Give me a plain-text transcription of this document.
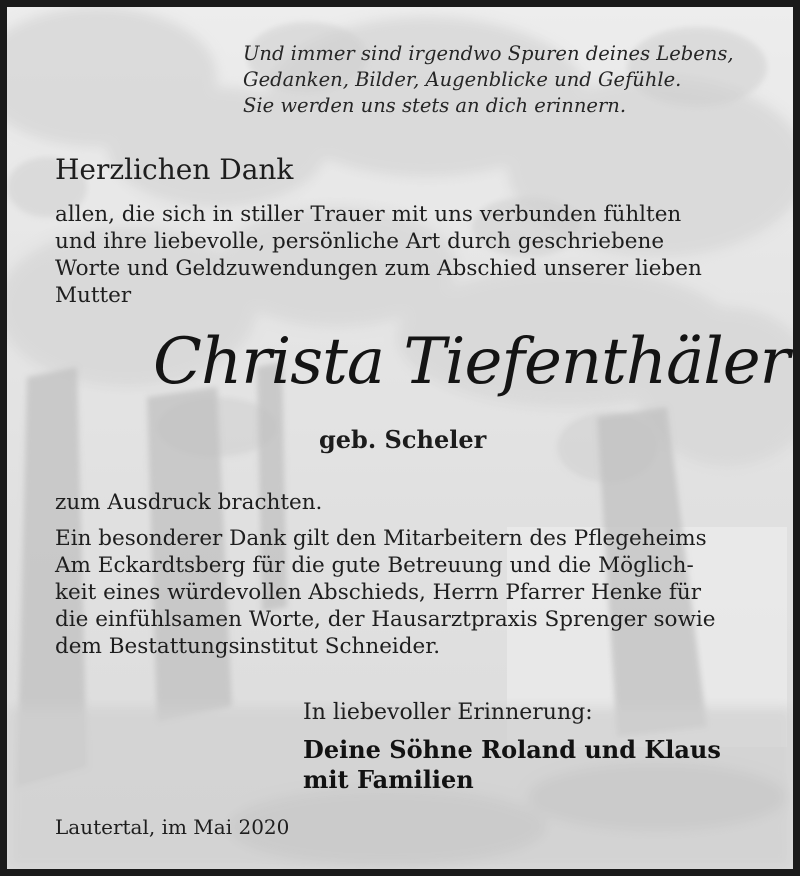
Und immer sind irgendwo Spuren deines Lebens,
Gedanken, Bilder, Augenblicke und Gefühle.
Sie werden uns stets an dich erinnern.
Herzlichen Dank
allen, die sich in stiller Trauer mit uns verbunden fühlten
und ihre liebevolle, persönliche Art durch geschriebene
Worte und Geldzuwendungen zum Abschied unserer lieben
Mutter
Christa Tiefenthäler
geb. Scheler
zum Ausdruck brachten.
Ein besonderer Dank gilt den Mitarbeitern des Pflegeheims
Am Eckardtsberg für die gute Betreuung und die Möglich-
keit eines würdevollen Abschieds, Herrn Pfarrer Henke für
die einfühlsamen Worte, der Hausarztpraxis Sprenger sowie
dem Bestattungsinstitut Schneider.
In liebevoller Erinnerung:
Deine Söhne Roland und Klaus
mit Familien
Lautertal, im Mai 2020
